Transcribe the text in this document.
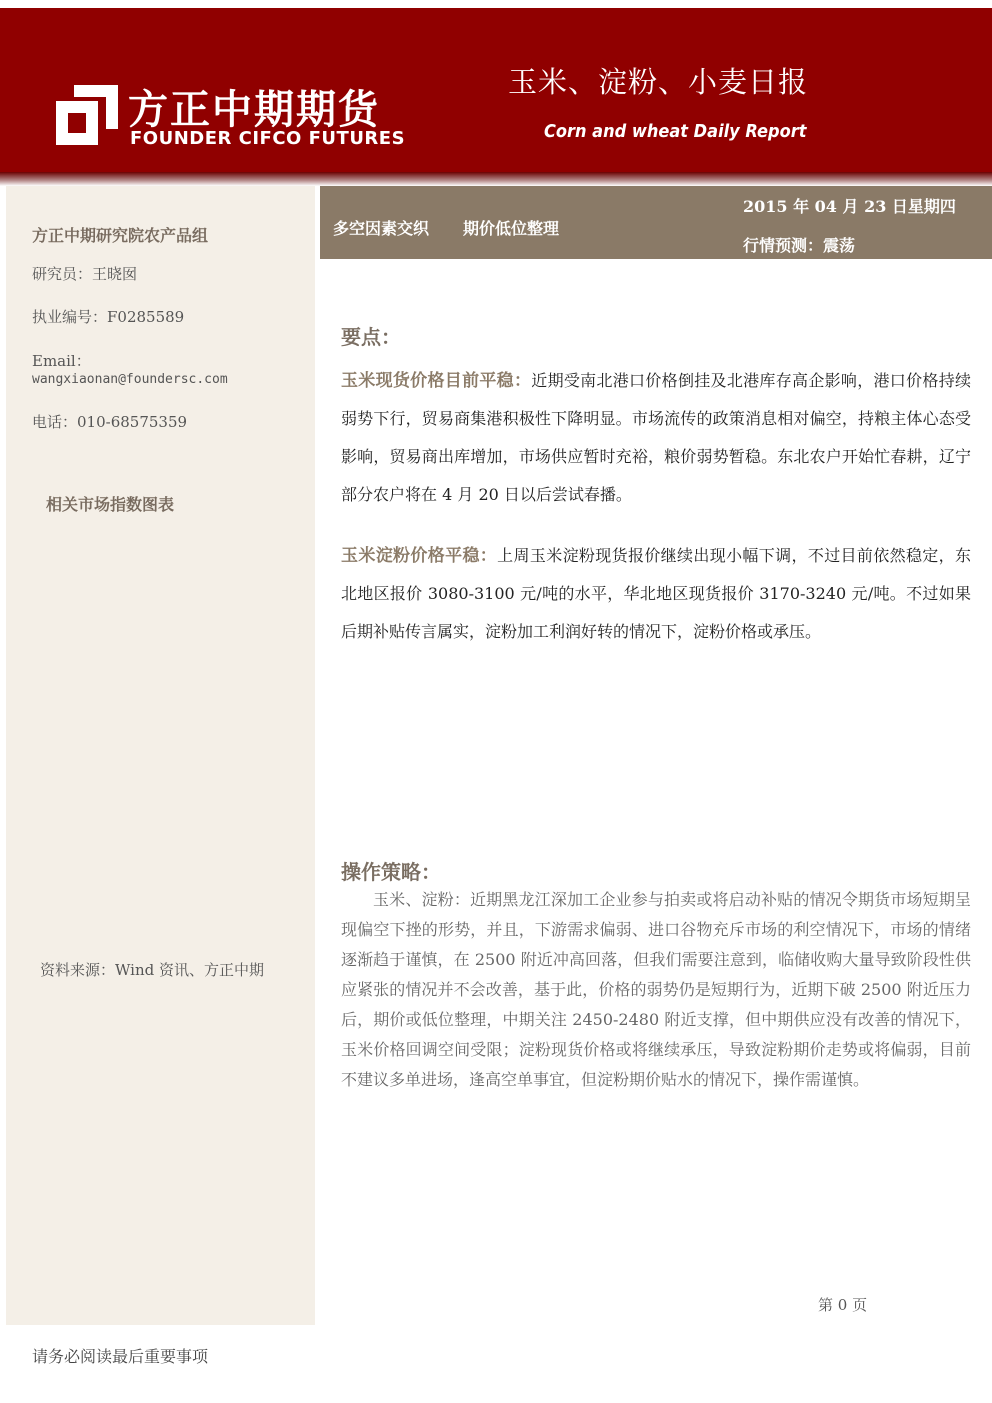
方正中期期货
FOUNDER CIFCO FUTURES
玉米、淀粉、小麦日报
Corn and wheat Daily Report
方正中期研究院农产品组
研究员：王晓囡
执业编号：F0285589
Email：
wangxiaonan@foundersc.com
电话：010-68575359
相关市场指数图表
资料来源：Wind 资讯、方正中期
多空因素交织 期价低位整理
2015 年 04 月 23 日星期四
行情预测：震荡
要点：
玉米现货价格目前平稳：近期受南北港口价格倒挂及北港库存高企影响，港口价格持续弱势下行，贸易商集港积极性下降明显。市场流传的政策消息相对偏空，持粮主体心态受影响，贸易商出库增加，市场供应暂时充裕，粮价弱势暂稳。东北农户开始忙春耕，辽宁部分农户将在 4 月 20 日以后尝试春播。
玉米淀粉价格平稳：上周玉米淀粉现货报价继续出现小幅下调，不过目前依然稳定，东北地区报价 3080-3100 元/吨的水平，华北地区现货报价 3170-3240 元/吨。不过如果后期补贴传言属实，淀粉加工利润好转的情况下，淀粉价格或承压。
操作策略：
玉米、淀粉：近期黑龙江深加工企业参与拍卖或将启动补贴的情况令期货市场短期呈现偏空下挫的形势，并且，下游需求偏弱、进口谷物充斥市场的利空情况下，市场的情绪逐渐趋于谨慎，在 2500 附近冲高回落，但我们需要注意到，临储收购大量导致阶段性供应紧张的情况并不会改善，基于此，价格的弱势仍是短期行为，近期下破 2500 附近压力后，期价或低位整理，中期关注 2450-2480 附近支撑，但中期供应没有改善的情况下，玉米价格回调空间受限；淀粉现货价格或将继续承压，导致淀粉期价走势或将偏弱，目前不建议多单进场，逢高空单事宜，但淀粉期价贴水的情况下，操作需谨慎。
第 0 页
请务必阅读最后重要事项
